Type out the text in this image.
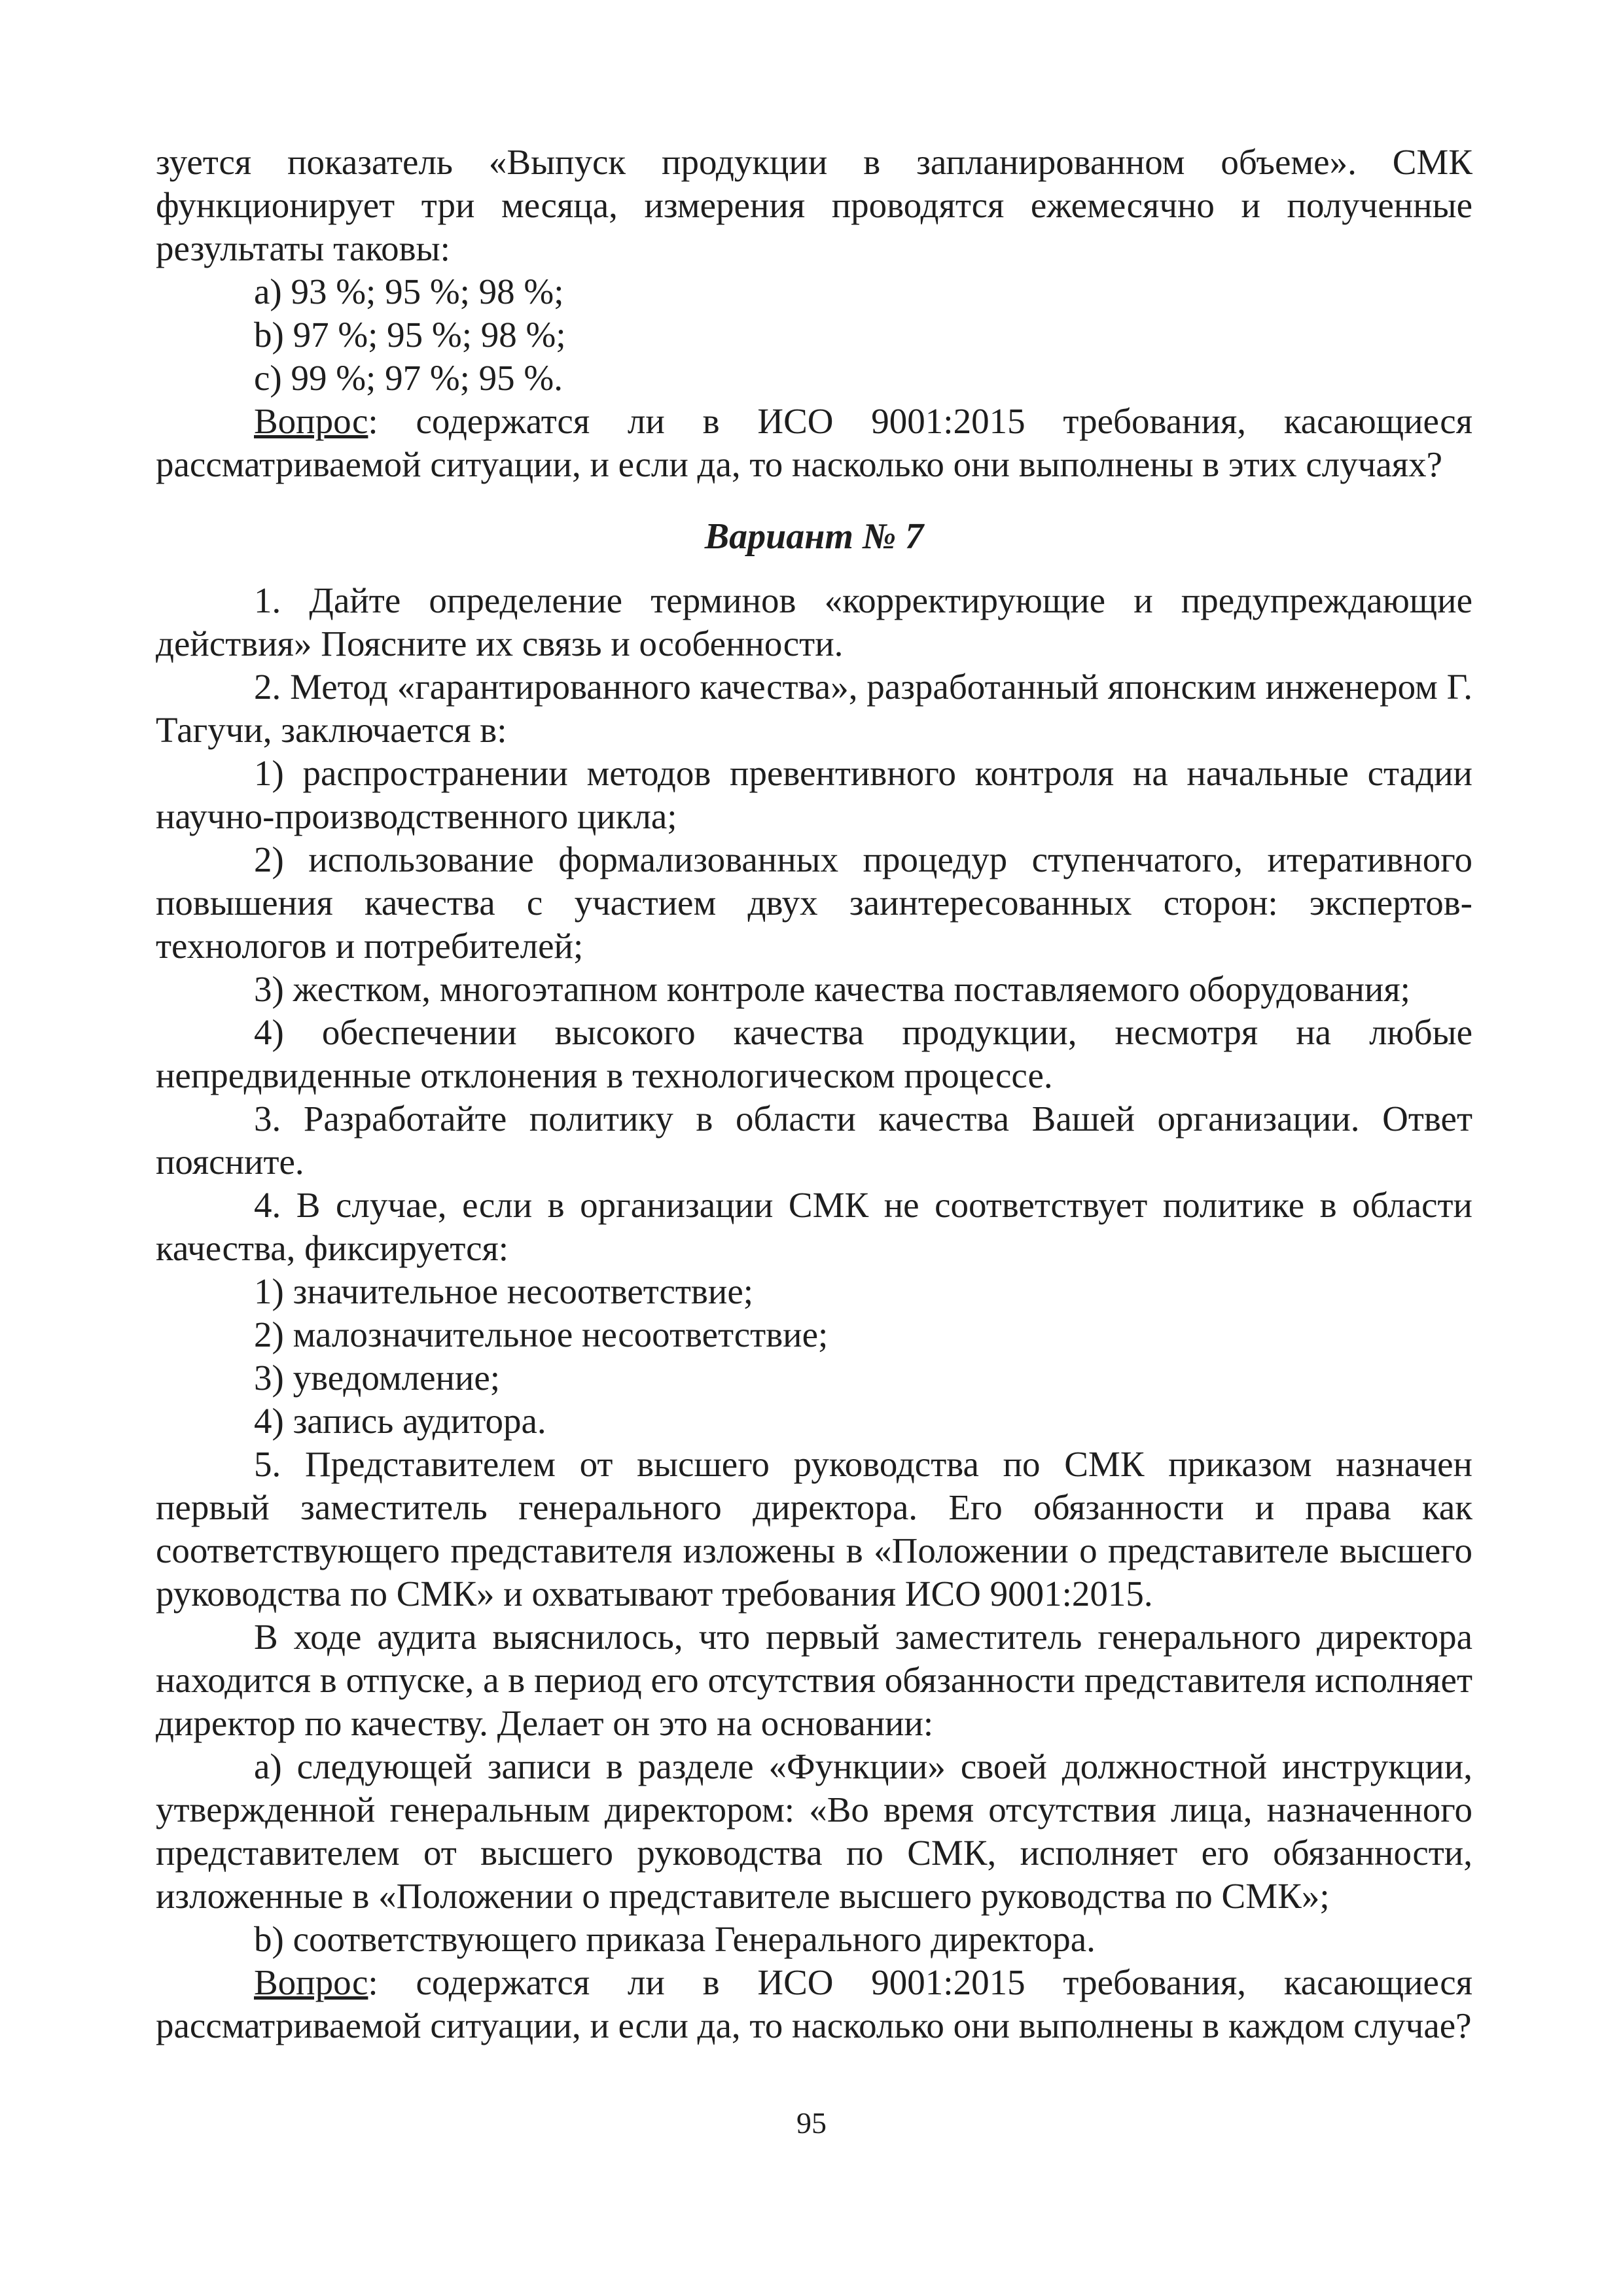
зуется показатель «Выпуск продукции в запланированном объеме». СМК функционирует три месяца, измерения проводятся ежемесячно и полученные результаты таковы:

a) 93 %; 95 %; 98 %;

b) 97 %; 95 %; 98 %;

c) 99 %; 97 %; 95 %.

Вопрос: содержатся ли в ИСО 9001:2015 требования, касающиеся рассматриваемой ситуации, и если да, то насколько они выполнены в этих случаях?

Вариант № 7

1. Дайте определение терминов «корректирующие и предупреждающие действия» Поясните их связь и особенности.

2. Метод «гарантированного качества», разработанный японским инженером Г. Тагучи, заключается в:

1) распространении методов превентивного контроля на начальные стадии научно-производственного цикла;

2) использование формализованных процедур ступенчатого, итеративного повышения качества с участием двух заинтересованных сторон: экспертов-технологов и потребителей;

3) жестком, многоэтапном контроле качества поставляемого оборудования;

4) обеспечении высокого качества продукции, несмотря на любые непредвиденные отклонения в технологическом процессе.

3. Разработайте политику в области качества Вашей организации. Ответ поясните.

4. В случае, если в организации СМК не соответствует политике в области качества, фиксируется:

1) значительное несоответствие;

2) малозначительное несоответствие;

3) уведомление;

4) запись аудитора.

5. Представителем от высшего руководства по СМК приказом назначен первый заместитель генерального директора. Его обязанности и права как соответствующего представителя изложены в «Положении о представителе высшего руководства по СМК» и охватывают требования ИСО 9001:2015.

В ходе аудита выяснилось, что первый заместитель генерального директора находится в отпуске, а в период его отсутствия обязанности представителя исполняет директор по качеству. Делает он это на основании:

a) следующей записи в разделе «Функции» своей должностной инструкции, утвержденной генеральным директором: «Во время отсутствия лица, назначенного представителем от высшего руководства по СМК, исполняет его обязанности, изложенные в «Положении о представителе высшего руководства по СМК»;

b) соответствующего приказа Генерального директора.

Вопрос: содержатся ли в ИСО 9001:2015 требования, касающиеся рассматриваемой ситуации, и если да, то насколько они выполнены в каждом случае?

95
